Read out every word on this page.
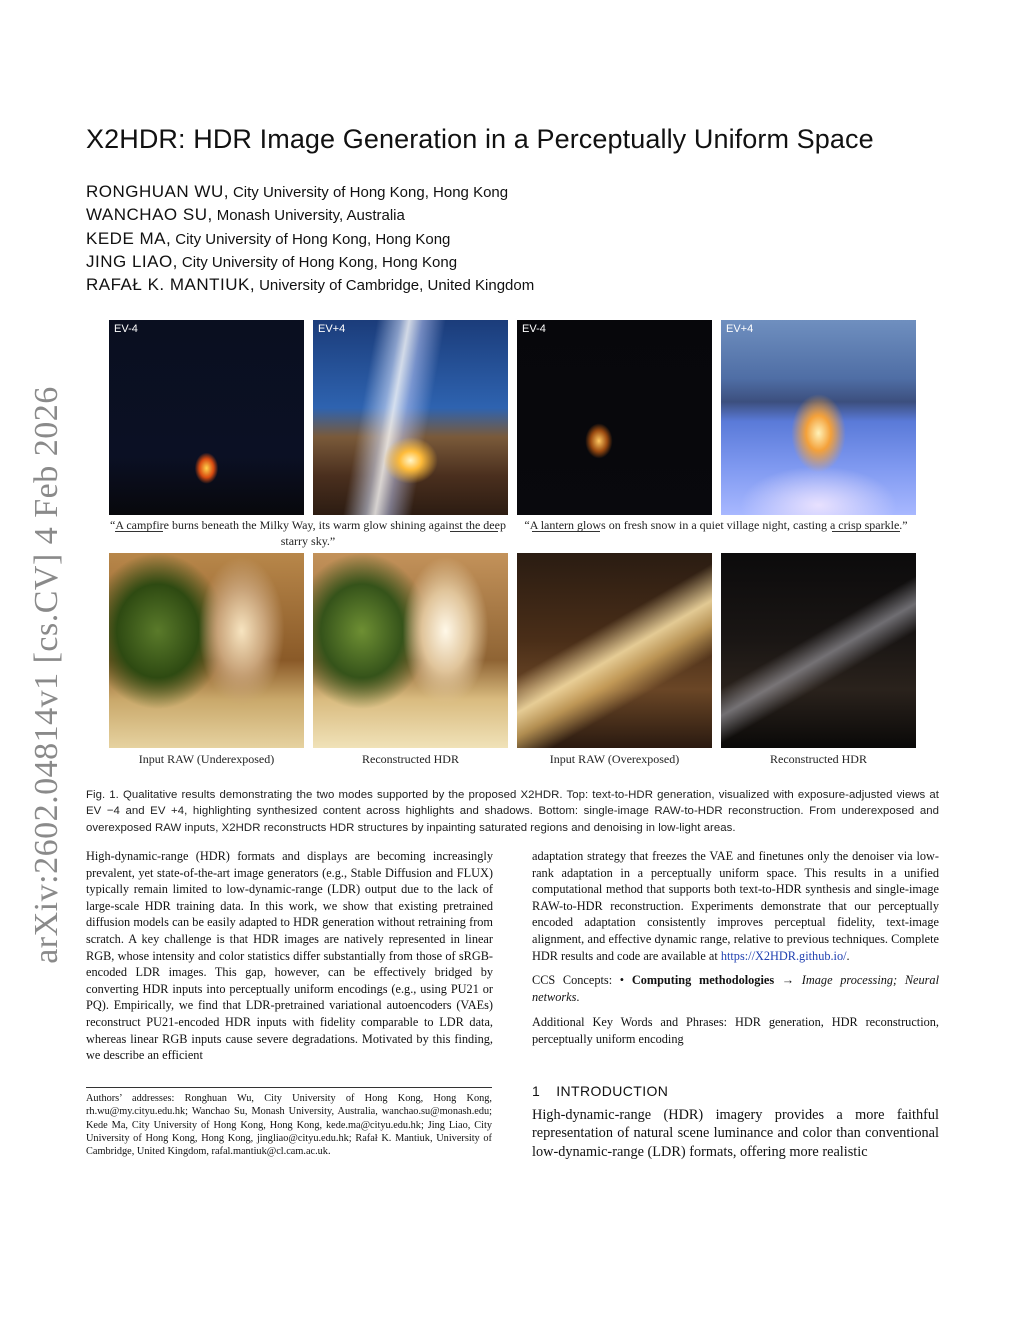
arXiv:2602.04814v1 [cs.CV] 4 Feb 2026
X2HDR: HDR Image Generation in a Perceptually Uniform Space
RONGHUAN WU, City University of Hong Kong, Hong Kong
WANCHAO SU, Monash University, Australia
KEDE MA, City University of Hong Kong, Hong Kong
JING LIAO, City University of Hong Kong, Hong Kong
RAFAŁ K. MANTIUK, University of Cambridge, United Kingdom
EV-4	EV+4	EV-4	EV+4
“A campfire burns beneath the Milky Way, its warm glow shining against the deep starry sky.”
“A lantern glows on fresh snow in a quiet village night, casting a crisp sparkle.”
Input RAW (Underexposed)	Reconstructed HDR	Input RAW (Overexposed)	Reconstructed HDR
Fig. 1. Qualitative results demonstrating the two modes supported by the proposed X2HDR. Top: text-to-HDR generation, visualized with exposure-adjusted views at EV −4 and EV +4, highlighting synthesized content across highlights and shadows. Bottom: single-image RAW-to-HDR reconstruction. From underexposed and overexposed RAW inputs, X2HDR reconstructs HDR structures by inpainting saturated regions and denoising in low-light areas.

High-dynamic-range (HDR) formats and displays are becoming increasingly prevalent, yet state-of-the-art image generators (e.g., Stable Diffusion and FLUX) typically remain limited to low-dynamic-range (LDR) output due to the lack of large-scale HDR training data. In this work, we show that existing pretrained diffusion models can be easily adapted to HDR generation without retraining from scratch. A key challenge is that HDR images are natively represented in linear RGB, whose intensity and color statistics differ substantially from those of sRGB-encoded LDR images. This gap, however, can be effectively bridged by converting HDR inputs into perceptually uniform encodings (e.g., using PU21 or PQ). Empirically, we find that LDR-pretrained variational autoencoders (VAEs) reconstruct PU21-encoded HDR inputs with fidelity comparable to LDR data, whereas linear RGB inputs cause severe degradations. Motivated by this finding, we describe an efficient

adaptation strategy that freezes the VAE and finetunes only the denoiser via low-rank adaptation in a perceptually uniform space. This results in a unified computational method that supports both text-to-HDR synthesis and single-image RAW-to-HDR reconstruction. Experiments demonstrate that our perceptually encoded adaptation consistently improves perceptual fidelity, text-image alignment, and effective dynamic range, relative to previous techniques. Complete HDR results and code are available at https://X2HDR.github.io/.

CCS Concepts: • Computing methodologies → Image processing; Neural networks.

Additional Key Words and Phrases: HDR generation, HDR reconstruction, perceptually uniform encoding

Authors’ addresses: Ronghuan Wu, City University of Hong Kong, Hong Kong, rh.wu@my.cityu.edu.hk; Wanchao Su, Monash University, Australia, wanchao.su@monash.edu; Kede Ma, City University of Hong Kong, Hong Kong, kede.ma@cityu.edu.hk; Jing Liao, City University of Hong Kong, Hong Kong, jingliao@cityu.edu.hk; Rafał K. Mantiuk, University of Cambridge, United Kingdom, rafal.mantiuk@cl.cam.ac.uk.
1 INTRODUCTION
High-dynamic-range (HDR) imagery provides a more faithful representation of natural scene luminance and color than conventional low-dynamic-range (LDR) formats, offering more realistic
